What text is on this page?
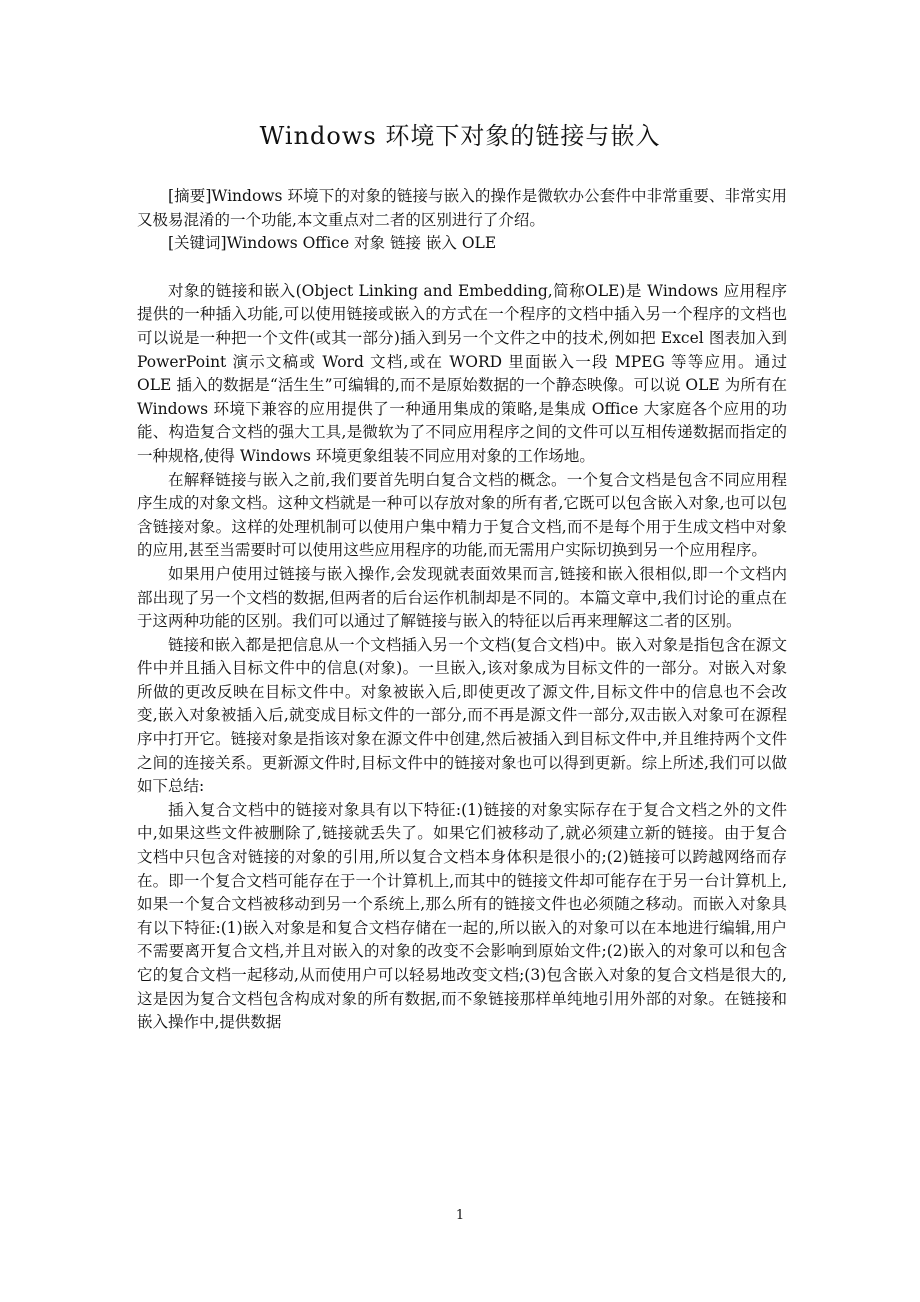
Windows 环境下对象的链接与嵌入

[摘要]Windows 环境下的对象的链接与嵌入的操作是微软办公套件中非常重要、非常实用又极易混淆的一个功能,本文重点对二者的区别进行了介绍。

[关键词]Windows Office 对象 链接 嵌入 OLE

对象的链接和嵌入(Object Linking and Embedding,简称OLE)是 Windows 应用程序提供的一种插入功能,可以使用链接或嵌入的方式在一个程序的文档中插入另一个程序的文档也可以说是一种把一个文件(或其一部分)插入到另一个文件之中的技术,例如把 Excel 图表加入到 PowerPoint 演示文稿或 Word 文档,或在 WORD 里面嵌入一段 MPEG 等等应用。通过 OLE 插入的数据是“活生生”可编辑的,而不是原始数据的一个静态映像。可以说 OLE 为所有在 Windows 环境下兼容的应用提供了一种通用集成的策略,是集成 Office 大家庭各个应用的功能、构造复合文档的强大工具,是微软为了不同应用程序之间的文件可以互相传递数据而指定的一种规格,使得 Windows 环境更象组装不同应用对象的工作场地。

在解释链接与嵌入之前,我们要首先明白复合文档的概念。一个复合文档是包含不同应用程序生成的对象文档。这种文档就是一种可以存放对象的所有者,它既可以包含嵌入对象,也可以包含链接对象。这样的处理机制可以使用户集中精力于复合文档,而不是每个用于生成文档中对象的应用,甚至当需要时可以使用这些应用程序的功能,而无需用户实际切换到另一个应用程序。

如果用户使用过链接与嵌入操作,会发现就表面效果而言,链接和嵌入很相似,即一个文档内部出现了另一个文档的数据,但两者的后台运作机制却是不同的。本篇文章中,我们讨论的重点在于这两种功能的区别。我们可以通过了解链接与嵌入的特征以后再来理解这二者的区别。

链接和嵌入都是把信息从一个文档插入另一个文档(复合文档)中。嵌入对象是指包含在源文件中并且插入目标文件中的信息(对象)。一旦嵌入,该对象成为目标文件的一部分。对嵌入对象所做的更改反映在目标文件中。对象被嵌入后,即使更改了源文件,目标文件中的信息也不会改变,嵌入对象被插入后,就变成目标文件的一部分,而不再是源文件一部分,双击嵌入对象可在源程序中打开它。链接对象是指该对象在源文件中创建,然后被插入到目标文件中,并且维持两个文件之间的连接关系。更新源文件时,目标文件中的链接对象也可以得到更新。综上所述,我们可以做如下总结:

插入复合文档中的链接对象具有以下特征:(1)链接的对象实际存在于复合文档之外的文件中,如果这些文件被删除了,链接就丢失了。如果它们被移动了,就必须建立新的链接。由于复合文档中只包含对链接的对象的引用,所以复合文档本身体积是很小的;(2)链接可以跨越网络而存在。即一个复合文档可能存在于一个计算机上,而其中的链接文件却可能存在于另一台计算机上,如果一个复合文档被移动到另一个系统上,那么所有的链接文件也必须随之移动。而嵌入对象具有以下特征:(1)嵌入对象是和复合文档存储在一起的,所以嵌入的对象可以在本地进行编辑,用户不需要离开复合文档,并且对嵌入的对象的改变不会影响到原始文件;(2)嵌入的对象可以和包含它的复合文档一起移动,从而使用户可以轻易地改变文档;(3)包含嵌入对象的复合文档是很大的,这是因为复合文档包含构成对象的所有数据,而不象链接那样单纯地引用外部的对象。在链接和嵌入操作中,提供数据

1
